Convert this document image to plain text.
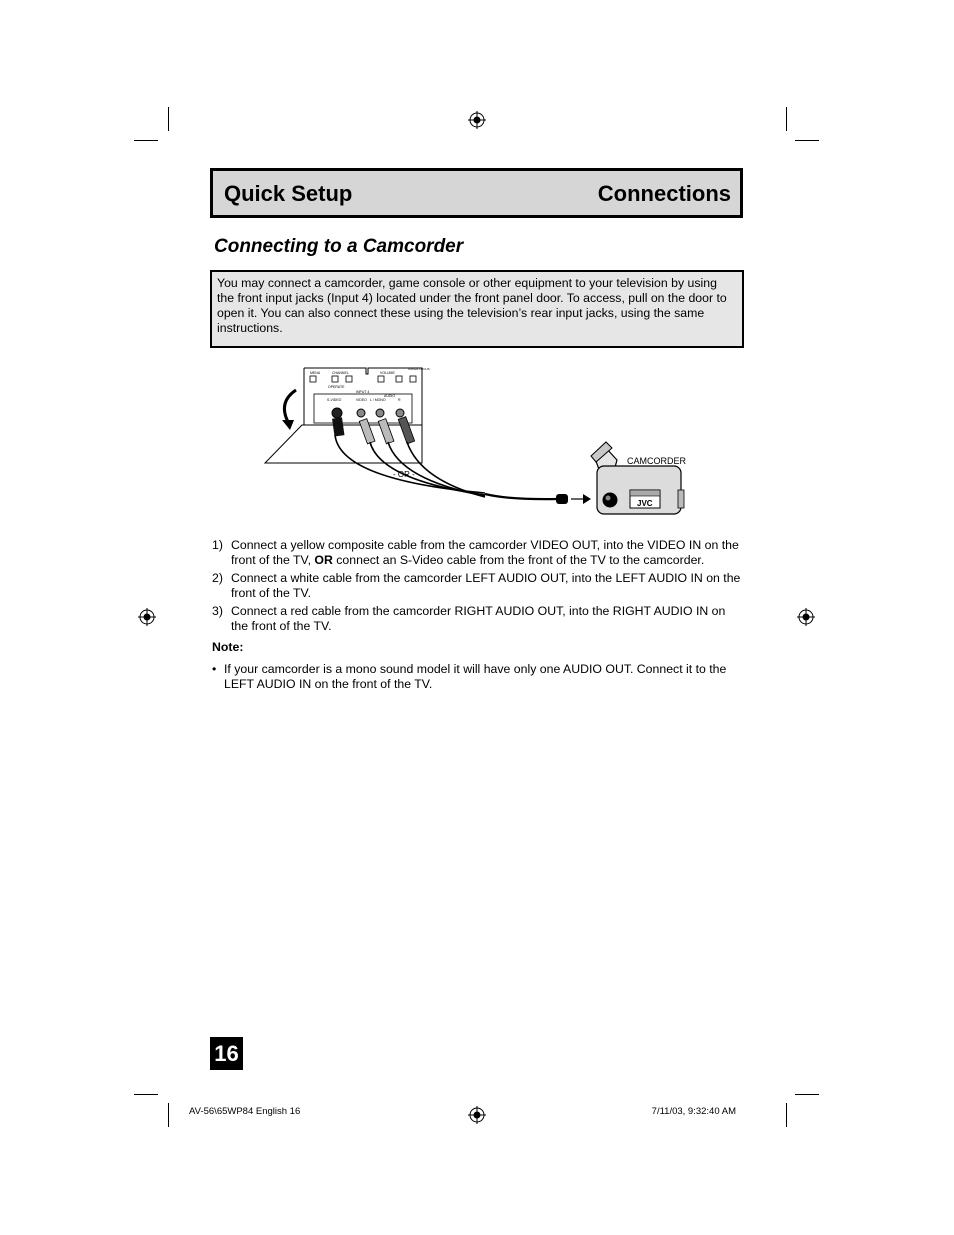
Quick Setup	Connections
Connecting to a Camcorder
You may connect a camcorder, game console or other equipment to your television by using the front input jacks (Input 4) located under the front panel door. To access, pull on the door to open it. You can also connect these using the television’s rear input jacks, using the same instructions.
MENU	CHANNEL	VOLUME
SUPER FOCUS
OPERATE
INPUT 4
AUDIO
S-VIDEO	VIDEO L / MONO	R
- OR -
JVC
CAMCORDER
1) Connect a yellow composite cable from the camcorder VIDEO OUT, into the VIDEO IN on the front of the TV, OR connect an S-Video cable from the front of the TV to the camcorder.
2) Connect a white cable from the camcorder LEFT AUDIO OUT, into the LEFT AUDIO IN on the front of the TV.
3) Connect a red cable from the camcorder RIGHT AUDIO OUT, into the RIGHT AUDIO IN on the front of the TV.
Note:
• If your camcorder is a mono sound model it will have only one AUDIO OUT. Connect it to the LEFT AUDIO IN on the front of the TV.
16
AV-56\65WP84 English 16	7/11/03, 9:32:40 AM
